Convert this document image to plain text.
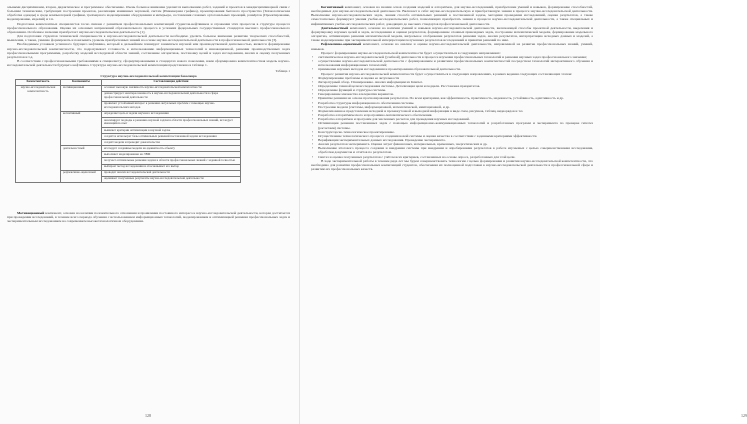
альными дисциплинами, вторая, дидактическое и программное обеспечение. Очень большое внимание уделяется выполнению работ, заданий и проектов в междисциплинарной связи с большим техническим, требующих построения проектов, реализации машинных чертежей, систем (Инженерная графика), проектирования бытового пространства (Технологическая обработка одежды) в среде компьютерной графики, трехмерного моделирования оборудования и интерьера, составления сложных ортогональных проекций, развёрток (Проектирование, моделирование, изделий) и т.п.

Подготовка компетентных специалистов тесно связана с развитием профессиональных компетенций студентов-нефтяников и отражения этих процессов в структуре процесса профессионального образования. Оценка их основных направлений образовательного процесса в условиях федеральных государственных стандартов высшего профессионального образования. Особенное значение приобретает научно-исследовательская деятельность [1].

Для подготовки студентов технической специальности к научно-исследовательской деятельности необходимо уделить большое внимание развитию творческих способностей, мышления, а также, умению формировать и показывать уровень приобретенных знаний на основе научно-исследовательской деятельности в профессиональной деятельности [3].

Необходимым условием успешного будущего нефтяника, который в дальнейшем планирует заниматься научной или производственной деятельностью, является формирование научно-исследовательской компетентности, что подразумевает готовность к использованию информационных технологий в инновационной, решении производственных задач профессиональными программами, разработку моделей исследуемой области знаний, составление алгоритмов, постановку целей и задач исследования, анализ и оценку полученных результатов и т.д.

В соответствии с профессиональными требованиями к специалисту, сформулированными в стандартах нового поколения, нами сформирована компетентностная модель научно-исследовательской деятельности будущего нефтяника. Структура научно-исследовательской компетенции представлена в таблице 1.

Таблица 1
Структура научно-исследовательской компетенции бакалавра
Компетентность	Компоненты	Составляющие действия
научно-исследовательская компетентность	мотивационный	осознает высокую значимость научно-исследовательской компетентности
		демонстрирует заинтересованность в научно-исследовательской деятельности в сфере профессиональной деятельности
		проявляет устойчивый интерес к решению актуальных проблем с помощью научно-исследовательских методов
	когнитивный	определяет цель и задачи научного исследования
		анализирует подходы к решению научной задачи в области профессиональных знаний, исследует имеющийся опыт
		выявляет критерии оптимизации в научной задаче
		создаёт и использует базы оптимальных решений поставленной задачи исследования
		создаёт модели и проводит доказательства
	деятельностный	исследует созданные модели на адекватность объекту
		выполняет моделирование на ЭВМ
		получает оптимальные решения задачи в области профессиональных знаний с заданной точностью
		выбирает метод исследования и обосновывает его выбор
	рефлексивно-оценочный	проводит анализ исследовательской деятельности
		оценивает полученные результаты научно-исследовательской деятельности

Мотивационный компонент, основан на наличии положительного отношения и проявлении постоянного интереса к научно-исследовательской деятельности, которая достигается при проведении исследований, в течение всего периода обучения с использованием информационных технологий, моделированием и оптимизацией решения профессиональных задач и экспериментальным исследованием на современном высокотехнологичном оборудовании.

128

Когнитивный компонент, основан на знании основ создания моделей и алгоритмов, для научно-исследований, приобретение умений и навыков, формирование способностей, необходимых для научно-исследовательской деятельности. Включает в себя: научно-исследовательскую и приобретающую знания в процессе научно-исследовательской деятельности. Выполнение научно-исследовательских задач, знания способа оптимальных решений к поставленной задаче, методики проведения исследований, оценка результатов, а также самостоятельно формируют умения учебно-исследовательских работ, позволяющих приобретать знания в процессе научно-исследовательской деятельности, а также специальных и инфинитивных учебно-исследовательских работ, доводящих до высоких стандартов профессиональной деятельности.

Деятельностный компонент, основан на наличии умений и навыков научно-исследовательской деятельности, включающей способы проектной деятельности, выделения и формулировку научных целей и задач, исследования и оценки результатов, формирование сложных прикладных задач, построение математической модели, формирование модельного алгоритма, оптимизацию решения математической модели, визуальное отображение результатов решения задач, анализ результатов, интерпретацию исходных данных и моделей, а также моделирование при экспериментальной интерпретации полученных результатов исследований и принятия решений по ним.

Рефлексивно-оценочный компонент, основан на анализе и оценке научно-исследовательской деятельности, направленной на развитие профессиональных знаний, умений, навыков.

Процесс формирования научно-исследовательской компетентности будет осуществляться в следующих направлениях:

• систематическое научно-исследовательской (учебной) деятельности в процессе изучения профессиональных технологий и решения научных задач профессионального значения;

• осуществление научно-исследовательской деятельности с формированием и развитием профессиональных компетентностей посредством технологий интерактивного обучения и использования информационных технологий;

• применение научных методов исследования и проектирования образовательной деятельности.

Процесс развития научно-исследовательской компетентности будет осуществляться в следующих направлениях, в рамках ведения следующих составляющих этапов:

• Формулирование проблемы и оценка ее актуальности

• Литературный обзор. Планирование. Анализ информации из Internet.

• Определение главной цели исследования системы. Детализация цели и подцели. Расстановка приоритетов.

• Определение функций и структуры системы.

• Генерирование множества альтернатив вариантов.

• Принятие решения на основе прогнозирования результатов. По всем критериям, как эффективность, практичность, надежность, устойчивость, адаптивность и др.

• Разработка структуры информационного обеспечения системы.

• Построение модели (системы, информационной, математической, имитационной, и др.

• Формализованное представление исходной и промежуточной и выходной информации в виде схем, рисунков, таблиц, видеорядов и т.п.

• Разработка алгоритмического и программно-математического обеспечения.

• Разработка алгоритмов и программ для численных расчетов для проведения научных исследований.

• Оптимизация решения поставленных задач с помощью информационно-коммуникационных технологий и разработанных программ и эксперимента по проверке гипотез (расчетами) системы.

• Конструкторско-технологическое проектирование.

• Осуществление технологического процесса создания новой системы и оценка качества в соответствии с заданными критериями эффективности.

• Верификация экспериментальных данных исследования. Проведение эксперимента.

• Анализ результатов эксперимента. Оценка затрат финансовых, материальных, временных, энергетических и др.

• Выполнение итогового процесса создания и внедрения системы при внедрении и апробировании результатов в работе изучаемых с целью совершенствования исследования, обработки документов и отчётов по результатам.

• Синтез и оценка полученных результатов с учётом всех критериев, составленных на основе опроса, разработанных для этой цели.

В ходе экспериментальной работы в течение ряда лет мы будем совершенствовать технологии с целью формирования и развития научно-исследовательской компетентности, что необходимо для развития профессиональных компетенций студентов, обеспечения их полноценной подготовки к научно-исследовательской деятельности в профессиональной сфере и развитию их профессиональных качеств.

129
